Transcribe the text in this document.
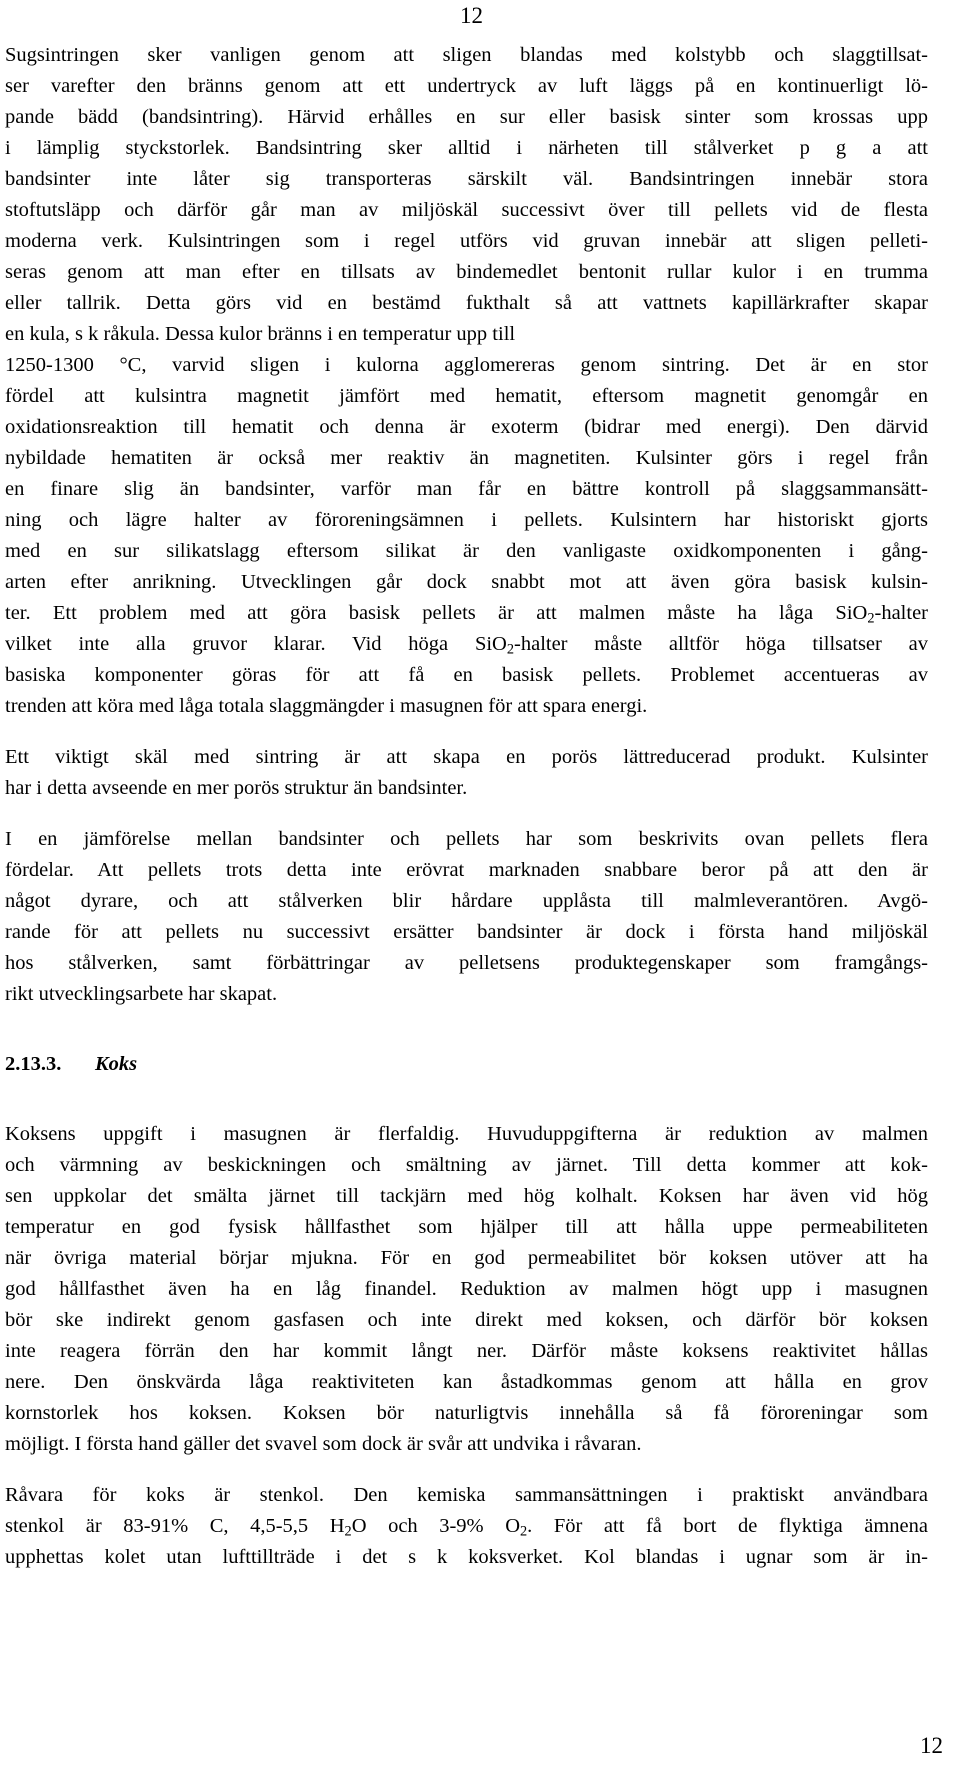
12
Sugsintringen sker vanligen genom att sligen blandas med kolstybb och slaggtillsat-
ser varefter den bränns genom att ett undertryck av luft läggs på en kontinuerligt lö-
pande bädd (bandsintring). Härvid erhålles en sur eller basisk sinter som krossas upp
i lämplig styckstorlek. Bandsintring sker alltid i närheten till stålverket p g a att
bandsinter inte låter sig transporteras särskilt väl. Bandsintringen innebär stora
stoftutsläpp och därför går man av miljöskäl successivt över till pellets vid de flesta
moderna verk. Kulsintringen som i regel utförs vid gruvan innebär att sligen pelleti-
seras genom att man efter en tillsats av bindemedlet bentonit rullar kulor i en trumma
eller tallrik. Detta görs vid en bestämd fukthalt så att vattnets kapillärkrafter skapar
en kula, s k råkula. Dessa kulor bränns i en temperatur upp till
1250-1300 °C, varvid sligen i kulorna agglomereras genom sintring. Det är en stor
fördel att kulsintra magnetit jämfört med hematit, eftersom magnetit genomgår en
oxidationsreaktion till hematit och denna är exoterm (bidrar med energi). Den därvid
nybildade hematiten är också mer reaktiv än magnetiten. Kulsinter görs i regel från
en finare slig än bandsinter, varför man får en bättre kontroll på slaggsammansätt-
ning och lägre halter av föroreningsämnen i pellets. Kulsintern har historiskt gjorts
med en sur silikatslagg eftersom silikat är den vanligaste oxidkomponenten i gång-
arten efter anrikning. Utvecklingen går dock snabbt mot att även göra basisk kulsin-
ter. Ett problem med att göra basisk pellets är att malmen måste ha låga SiO$_2$-halter
vilket inte alla gruvor klarar. Vid höga SiO$_2$-halter måste alltför höga tillsatser av
basiska komponenter göras för att få en basisk pellets. Problemet accentueras av
trenden att köra med låga totala slaggmängder i masugnen för att spara energi.
Ett viktigt skäl med sintring är att skapa en porös lättreducerad produkt. Kulsinter
har i detta avseende en mer porös struktur än bandsinter.
I en jämförelse mellan bandsinter och pellets har som beskrivits ovan pellets flera
fördelar. Att pellets trots detta inte erövrat marknaden snabbare beror på att den är
något dyrare, och att stålverken blir hårdare upplåsta till malmleverantören. Avgö-
rande för att pellets nu successivt ersätter bandsinter är dock i första hand miljöskäl
hos stålverken, samt förbättringar av pelletsens produktegenskaper som framgångs-
rikt utvecklingsarbete har skapat.
2.13.3. Koks
Koksens uppgift i masugnen är flerfaldig. Huvuduppgifterna är reduktion av malmen
och värmning av beskickningen och smältning av järnet. Till detta kommer att kok-
sen uppkolar det smälta järnet till tackjärn med hög kolhalt. Koksen har även vid hög
temperatur en god fysisk hållfasthet som hjälper till att hålla uppe permeabiliteten
när övriga material börjar mjukna. För en god permeabilitet bör koksen utöver att ha
god hållfasthet även ha en låg finandel. Reduktion av malmen högt upp i masugnen
bör ske indirekt genom gasfasen och inte direkt med koksen, och därför bör koksen
inte reagera förrän den har kommit långt ner. Därför måste koksens reaktivitet hållas
nere. Den önskvärda låga reaktiviteten kan åstadkommas genom att hålla en grov
kornstorlek hos koksen. Koksen bör naturligtvis innehålla så få föroreningar som
möjligt. I första hand gäller det svavel som dock är svår att undvika i råvaran.
Råvara för koks är stenkol. Den kemiska sammansättningen i praktiskt användbara
stenkol är 83-91% C, 4,5-5,5 $H_2O$ och 3-9% $O_2$. För att få bort de flyktiga ämnena
upphettas kolet utan lufttillträde i det s k koksverket. Kol blandas i ugnar som är in-
12
